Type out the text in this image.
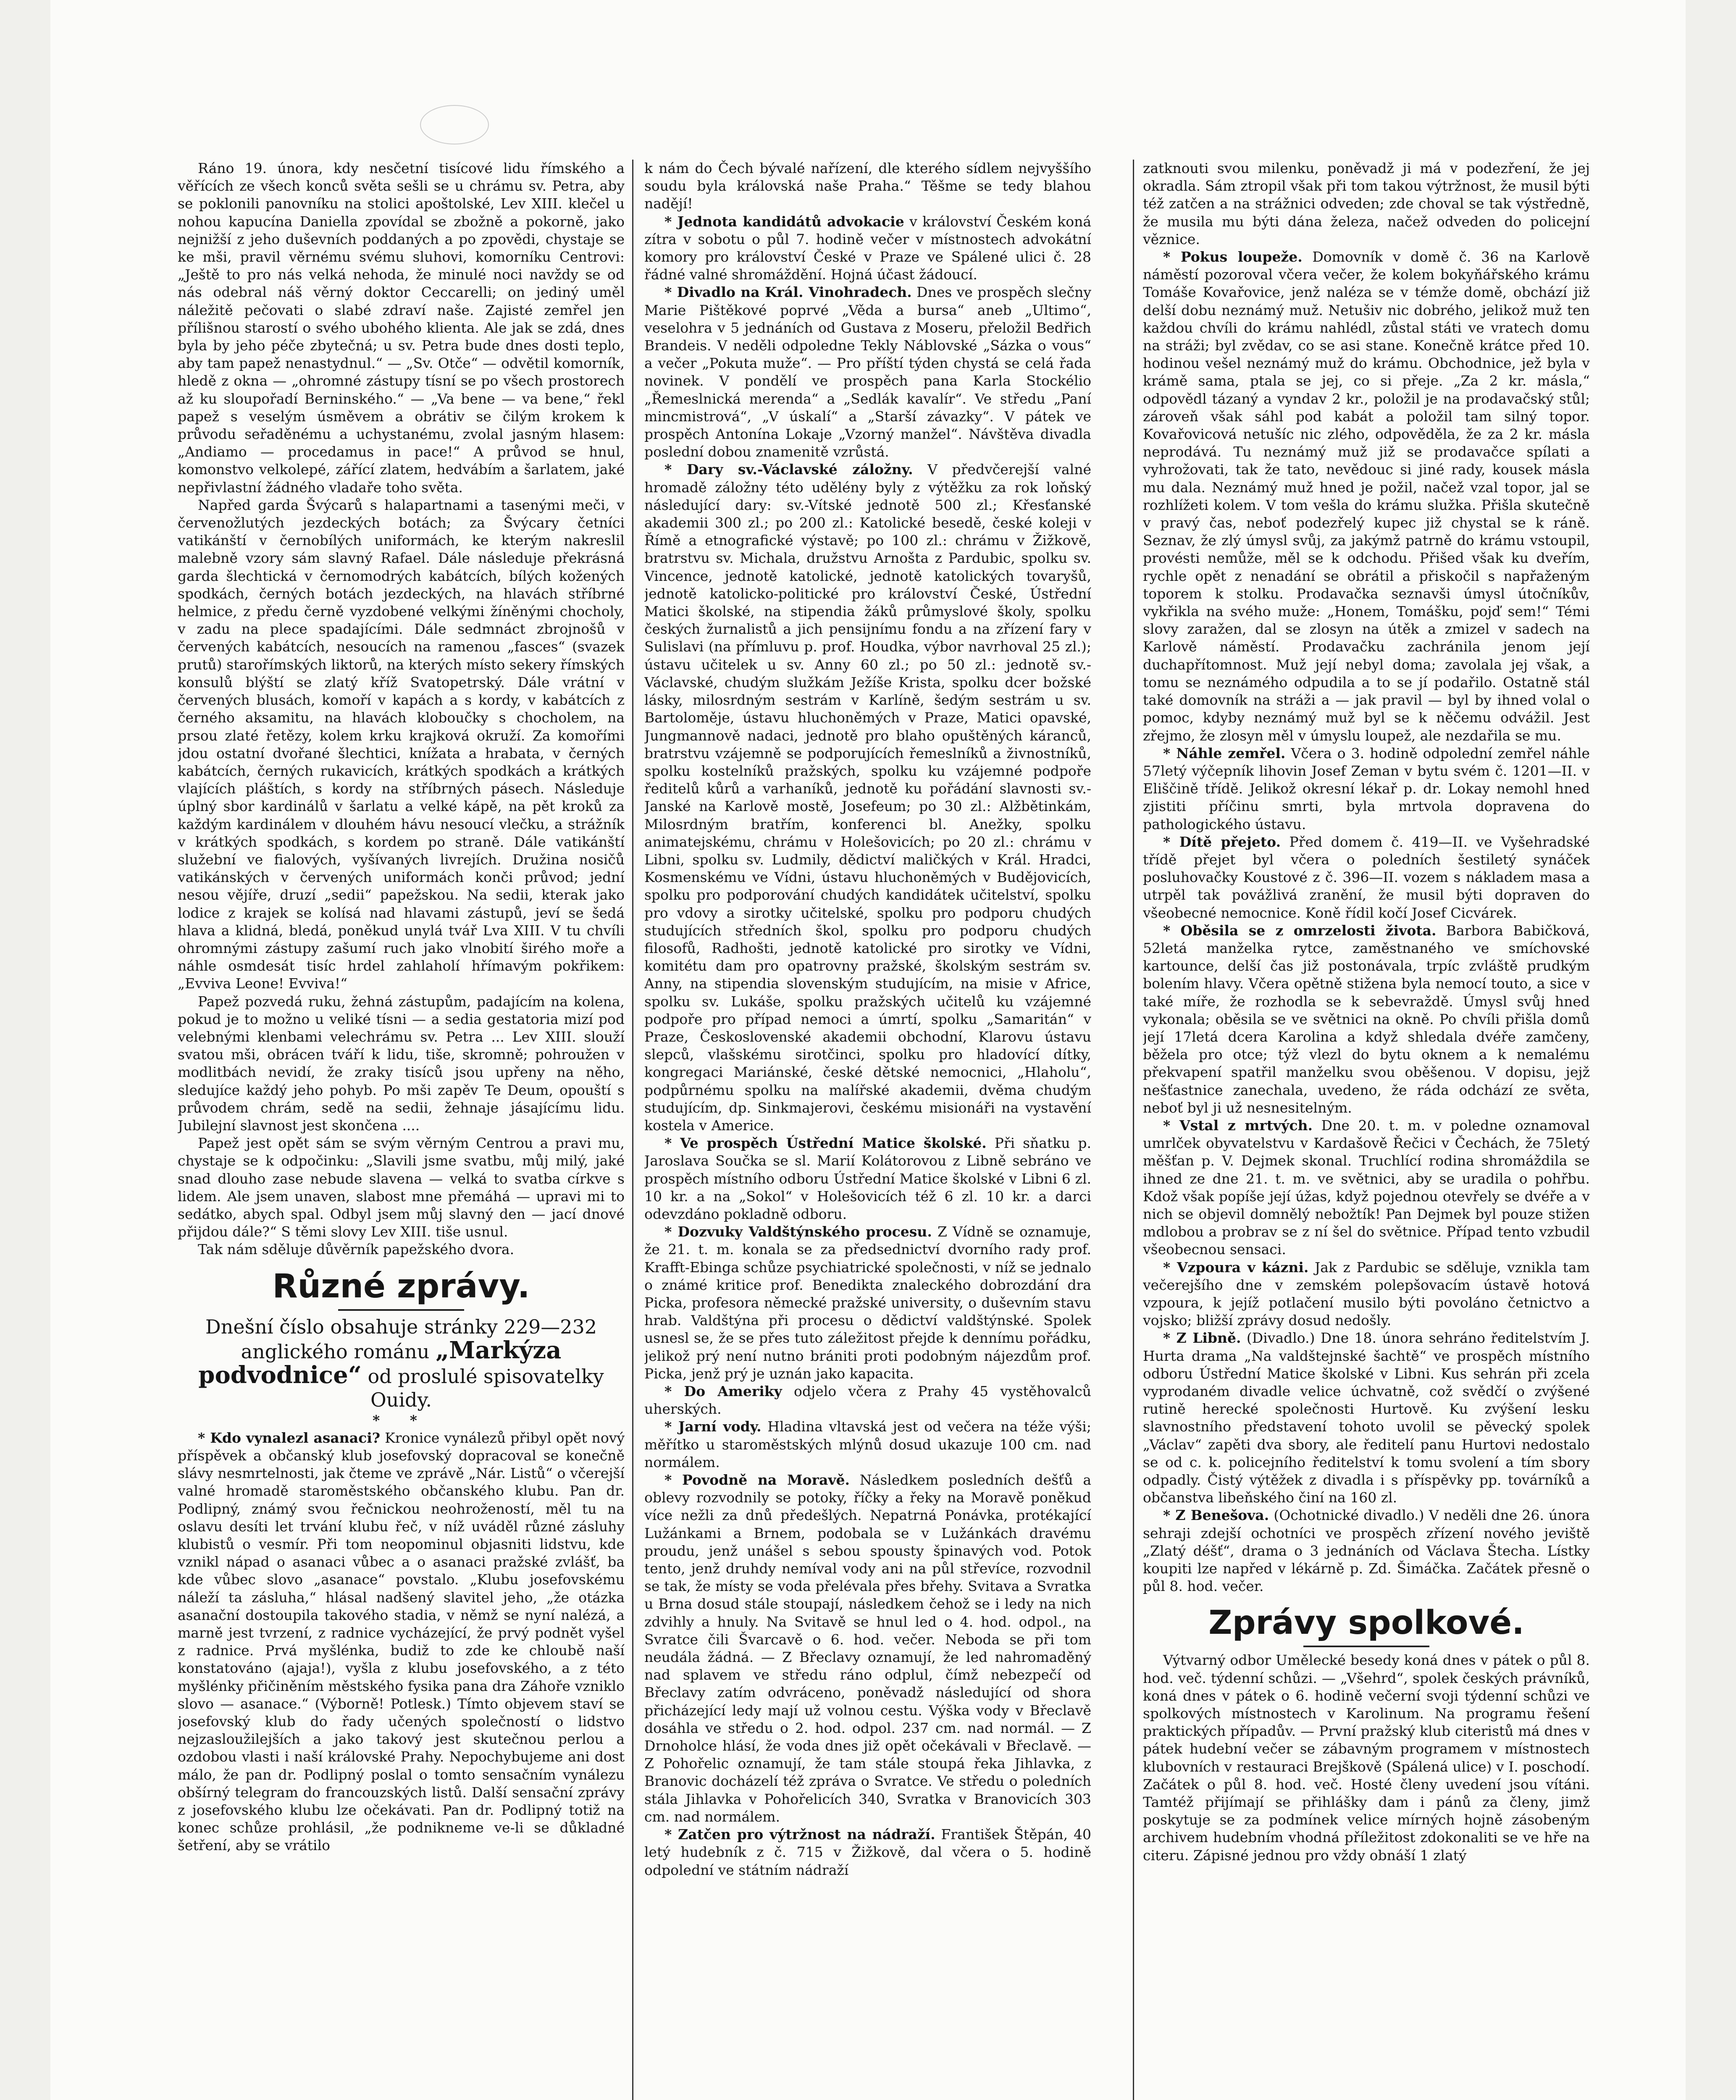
Ráno 19. února, kdy nesčetní tisícové lidu římského a věřících ze všech konců světa sešli se u chrámu sv. Petra, aby se poklonili panovníku na stolici apoštolské, Lev XIII. klečel u nohou kapucína Daniella zpovídal se zbožně a pokorně, jako nejnižší z jeho duševních poddaných a po zpovědi, chystaje se ke mši, pravil věrnému svému sluhovi, komorníku Centrovi: „Ještě to pro nás velká nehoda, že minulé noci navždy se od nás odebral náš věrný doktor Ceccarelli; on jediný uměl náležitě pečovati o slabé zdraví naše. Zajisté zemřel jen přílišnou starostí o svého ubohého klienta. Ale jak se zdá, dnes byla by jeho péče zbytečná; u sv. Petra bude dnes dosti teplo, aby tam papež nenastydnul.“ — „Sv. Otče“ — odvětil komorník, hledě z okna — „ohromné zástupy tísní se po všech prostorech až ku sloupořadí Berninského.“ — „Va bene — va bene,“ řekl papež s veselým úsměvem a obrátiv se čilým krokem k průvodu seřaděnému a uchystanému, zvolal jasným hlasem: „Andiamo — procedamus in pace!“ A průvod se hnul, komonstvo velkolepé, zářící zlatem, hedvábím a šarlatem, jaké nepřivlastní žádného vladaře toho světa.

Napřed garda Švýcarů s halapartnami a tasenými meči, v červenožlutých jezdeckých botách; za Švýcary četníci vatikánští v černobílých uniformách, ke kterým nakreslil malebně vzory sám slavný Rafael. Dále následuje překrásná garda šlechtická v černomodrých kabátcích, bílých kožených spodkách, černých botách jezdeckých, na hlavách stříbrné helmice, z předu černě vyzdobené velkými žíněnými chocholy, v zadu na plece spadajícími. Dále sedmnáct zbrojnošů v červených kabátcích, nesoucích na ramenou „fasces“ (svazek prutů) starořímských liktorů, na kterých místo sekery římských konsulů blýští se zlatý kříž Svatopetrský. Dále vrátní v červených blusách, komoří v kapách a s kordy, v kabátcích z černého aksamitu, na hlavách kloboučky s chocholem, na prsou zlaté řetězy, kolem krku krajková okruží. Za komořími jdou ostatní dvořané šlechtici, knížata a hrabata, v černých kabátcích, černých rukavicích, krátkých spodkách a krátkých vlajících pláštích, s kordy na stříbrných pásech. Následuje úplný sbor kardinálů v šarlatu a velké kápě, na pět kroků za každým kardinálem v dlouhém hávu nesoucí vlečku, a strážník v krátkých spodkách, s kordem po straně. Dále vatikánští služební ve fialových, vyšívaných livrejích. Družina nosičů vatikánských v červených uniformách konči průvod; jední nesou vějíře, druzí „sedii“ papežskou. Na sedii, kterak jako lodice z krajek se kolísá nad hlavami zástupů, jeví se šedá hlava a klidná, bledá, poněkud unylá tvář Lva XIII. V tu chvíli ohromnými zástupy zašumí ruch jako vlnobití širého moře a náhle osmdesát tisíc hrdel zahlaholí hřímavým pokřikem: „Evviva Leone! Evviva!“

Papež pozvedá ruku, žehná zástupům, padajícím na kolena, pokud je to možno u veliké tísni — a sedia gestatoria mizí pod velebnými klenbami velechrámu sv. Petra ... Lev XIII. slouží svatou mši, obrácen tváří k lidu, tiše, skromně; pohroužen v modlitbách nevidí, že zraky tisíců jsou upřeny na něho, sledujíce každý jeho pohyb. Po mši zapěv Te Deum, opouští s průvodem chrám, sedě na sedii, žehnaje jásajícímu lidu. Jubilejní slavnost jest skončena ....

Papež jest opět sám se svým věrným Centrou a pravi mu, chystaje se k odpočinku: „Slavili jsme svatbu, můj milý, jaké snad dlouho zase nebude slavena — velká to svatba církve s lidem. Ale jsem unaven, slabost mne přemáhá — upravi mi to sedátko, abych spal. Odbyl jsem můj slavný den — jací dnové přijdou dále?“ S těmi slovy Lev XIII. tiše usnul.

Tak nám sděluje důvěrník papežského dvora.

Různé zprávy.

Dnešní číslo obsahuje stránky 229—232 anglického románu „Markýza podvodnice“ od proslulé spisovatelky Ouidy.

* *

* Kdo vynalezl asanaci? Kronice vynálezů přibyl opět nový příspěvek a občanský klub josefovský dopracoval se konečně slávy nesmrtelnosti, jak čteme ve zprávě „Nár. Listů“ o včerejší valné hromadě staroměstského občanského klubu. Pan dr. Podlipný, známý svou řečnickou neohrožeností, měl tu na oslavu desíti let trvání klubu řeč, v níž uváděl různé zásluhy klubistů o vesmír. Při tom neopominul objasniti lidstvu, kde vznikl nápad o asanaci vůbec a o asanaci pražské zvlášť, ba kde vůbec slovo „asanace“ povstalo. „Klubu josefovskému náleží ta zásluha,“ hlásal nadšený slavitel jeho, „že otázka asanační dostoupila takového stadia, v němž se nyní nalézá, a marně jest tvrzení, z radnice vycházející, že prvý podnět vyšel z radnice. Prvá myšlénka, budiž to zde ke chloubě naší konstatováno (ajaja!), vyšla z klubu josefovského, a z této myšlénky přičiněním městského fysika pana dra Záhoře vzniklo slovo — asanace.“ (Výborně! Potlesk.) Tímto objevem staví se josefovský klub do řady učených společností o lidstvo nejzasloužilejších a jako takový jest skutečnou perlou a ozdobou vlasti i naší královské Prahy. Nepochybujeme ani dost málo, že pan dr. Podlipný poslal o tomto sensačním vynálezu obšírný telegram do francouzských listů. Další sensační zprávy z josefovského klubu lze očekávati. Pan dr. Podlipný totiž na konec schůze prohlásil, „že podnikneme ve-li se důkladné šetření, aby se vrátilo

k nám do Čech bývalé nařízení, dle kterého sídlem nejvyššího soudu byla královská naše Praha.“ Těšme se tedy blahou nadějí!

* Jednota kandidátů advokacie v království Českém koná zítra v sobotu o půl 7. hodině večer v místnostech advokátní komory pro království České v Praze ve Spálené ulici č. 28 řádné valné shromáždění. Hojná účast žádoucí.

* Divadlo na Král. Vinohradech. Dnes ve prospěch slečny Marie Pištěkové poprvé „Věda a bursa“ aneb „Ultimo“, veselohra v 5 jednáních od Gustava z Moseru, přeložil Bedřich Brandeis. V neděli odpoledne Tekly Náblovské „Sázka o vous“ a večer „Pokuta muže“. — Pro příští týden chystá se celá řada novinek. V pondělí ve prospěch pana Karla Stockélio „Řemeslnická merenda“ a „Sedlák kavalír“. Ve středu „Paní mincmistrová“, „V úskalí“ a „Starší závazky“. V pátek ve prospěch Antonína Lokaje „Vzorný manžel“. Návštěva divadla poslední dobou znamenitě vzrůstá.

* Dary sv.-Václavské záložny. V předvčerejší valné hromadě záložny této udělény byly z výtěžku za rok loňský následující dary: sv.-Vítské jednotě 500 zl.; Křesťanské akademii 300 zl.; po 200 zl.: Katolické besedě, české koleji v Římě a etnografické výstavě; po 100 zl.: chrámu v Žižkově, bratrstvu sv. Michala, družstvu Arnošta z Pardubic, spolku sv. Vincence, jednotě katolické, jednotě katolických tovaryšů, jednotě katolicko-politické pro království České, Ústřední Matici školské, na stipendia žáků průmyslové školy, spolku českých žurnalistů a jich pensijnímu fondu a na zřízení fary v Sulislavi (na přímluvu p. prof. Houdka, výbor navrhoval 25 zl.); ústavu učitelek u sv. Anny 60 zl.; po 50 zl.: jednotě sv.-Václavské, chudým služkám Ježíše Krista, spolku dcer božské lásky, milosrdným sestrám v Karlíně, šedým sestrám u sv. Bartoloměje, ústavu hluchoněmých v Praze, Matici opavské, Jungmannově nadaci, jednotě pro blaho opuštěných káranců, bratrstvu vzájemně se podporujících řemeslníků a živnostníků, spolku kostelníků pražských, spolku ku vzájemné podpoře ředitelů kůrů a varhaníků, jednotě ku pořádání slavnosti sv.-Janské na Karlově mostě, Josefeum; po 30 zl.: Alžbětinkám, Milosrdným bratřím, konferenci bl. Anežky, spolku animatejskému, chrámu v Holešovicích; po 20 zl.: chrámu v Libni, spolku sv. Ludmily, dědictví maličkých v Král. Hradci, Kosmenskému ve Vídni, ústavu hluchoněmých v Budějovicích, spolku pro podporování chudých kandidátek učitelství, spolku pro vdovy a sirotky učitelské, spolku pro podporu chudých studujících středních škol, spolku pro podporu chudých filosofů, Radhošti, jednotě katolické pro sirotky ve Vídni, komitétu dam pro opatrovny pražské, školským sestrám sv. Anny, na stipendia slovenským studujícím, na misie v Africe, spolku sv. Lukáše, spolku pražských učitelů ku vzájemné podpoře pro případ nemoci a úmrtí, spolku „Samaritán“ v Praze, Československé akademii obchodní, Klarovu ústavu slepců, vlašskému sirotčinci, spolku pro hladovící dítky, kongregaci Mariánské, české dětské nemocnici, „Hlaholu“, podpůrnému spolku na malířské akademii, dvěma chudým studujícím, dp. Sinkmajerovi, českému misionáři na vystavění kostela v Americe.

* Ve prospěch Ústřední Matice školské. Při sňatku p. Jaroslava Součka se sl. Marií Kolátorovou z Libně sebráno ve prospěch místního odboru Ústřední Matice školské v Libni 6 zl. 10 kr. a na „Sokol“ v Holešovicích též 6 zl. 10 kr. a darci odevzdáno pokladně odboru.

* Dozvuky Valdštýnského procesu. Z Vídně se oznamuje, že 21. t. m. konala se za předsednictví dvorního rady prof. Krafft-Ebinga schůze psychiatrické společnosti, v níž se jednalo o známé kritice prof. Benedikta znaleckého dobrozdání dra Picka, profesora německé pražské university, o duševním stavu hrab. Valdštýna při procesu o dědictví valdštýnské. Spolek usnesl se, že se přes tuto záležitost přejde k dennímu pořádku, jelikož prý není nutno brániti proti podobným nájezdům prof. Picka, jenž prý je uznán jako kapacita.

* Do Ameriky odjelo včera z Prahy 45 vystěhovalců uherských.

* Jarní vody. Hladina vltavská jest od večera na téže výši; měřítko u staroměstských mlýnů dosud ukazuje 100 cm. nad normálem.

* Povodně na Moravě. Následkem posledních dešťů a oblevy rozvodnily se potoky, říčky a řeky na Moravě poněkud více nežli za dnů předešlých. Nepatrná Ponávka, protékající Lužánkami a Brnem, podobala se v Lužánkách dravému proudu, jenž unášel s sebou spousty špinavých vod. Potok tento, jenž druhdy nemíval vody ani na půl střevíce, rozvodnil se tak, že místy se voda přelévala přes břehy. Svitava a Svratka u Brna dosud stále stoupají, následkem čehož se i ledy na nich zdvihly a hnuly. Na Svitavě se hnul led o 4. hod. odpol., na Svratce čili Švarcavě o 6. hod. večer. Neboda se při tom neudála žádná. — Z Břeclavy oznamují, že led nahromaděný nad splavem ve středu ráno odplul, čímž nebezpečí od Břeclavy zatím odvráceno, poněvadž následující od shora přicházející ledy mají už volnou cestu. Výška vody v Břeclavě dosáhla ve středu o 2. hod. odpol. 237 cm. nad normál. — Z Drnoholce hlásí, že voda dnes již opět očekávali v Břeclavě. — Z Pohořelic oznamují, že tam stále stoupá řeka Jihlavka, z Branovic docházelí též zpráva o Svratce. Ve středu o poledních stála Jihlavka v Pohořelicích 340, Svratka v Branovicích 303 cm. nad normálem.

* Zatčen pro výtržnost na nádraží. František Štěpán, 40 letý hudebník z č. 715 v Žižkově, dal včera o 5. hodině odpolední ve státním nádraží

zatknouti svou milenku, poněvadž ji má v podezření, že jej okradla. Sám ztropil však při tom takou výtržnost, že musil býti též zatčen a na strážnici odveden; zde choval se tak výstředně, že musila mu býti dána železa, načež odveden do policejní věznice.

* Pokus loupeže. Domovník v domě č. 36 na Karlově náměstí pozoroval včera večer, že kolem bokyňářského krámu Tomáše Kovařovice, jenž naléza se v témže domě, obchází již delší dobu neznámý muž. Netušiv nic dobrého, jelikož muž ten každou chvíli do krámu nahlédl, zůstal státi ve vratech domu na stráži; byl zvědav, co se asi stane. Konečně krátce před 10. hodinou vešel neznámý muž do krámu. Obchodnice, jež byla v krámě sama, ptala se jej, co si přeje. „Za 2 kr. másla,“ odpovědl tázaný a vyndav 2 kr., položil je na prodavačský stůl; zároveň však sáhl pod kabát a položil tam silný topor. Kovařovicová netušíc nic zlého, odpověděla, že za 2 kr. másla neprodává. Tu neznámý muž již se prodavačce spílati a vyhrožovati, tak že tato, nevědouc si jiné rady, kousek másla mu dala. Neznámý muž hned je požil, načež vzal topor, jal se rozhlížeti kolem. V tom vešla do krámu služka. Přišla skutečně v pravý čas, neboť podezřelý kupec již chystal se k ráně. Seznav, že zlý úmysl svůj, za jakýmž patrně do krámu vstoupil, provésti nemůže, měl se k odchodu. Přišed však ku dveřím, rychle opět z nenadání se obrátil a přiskočil s napřaženým toporem k stolku. Prodavačka seznavši úmysl útočníkův, vykřikla na svého muže: „Honem, Tomášku, pojď sem!“ Témi slovy zaražen, dal se zlosyn na útěk a zmizel v sadech na Karlově náměstí. Prodavačku zachránila jenom její duchapřítomnost. Muž její nebyl doma; zavolala jej však, a tomu se neznámého odpudila a to se jí podařilo. Ostatně stál také domovník na stráži a — jak pravil — byl by ihned volal o pomoc, kdyby neznámý muž byl se k něčemu odvážil. Jest zřejmo, že zlosyn měl v úmyslu loupež, ale nezdařila se mu.

* Náhle zemřel. Včera o 3. hodině odpolední zemřel náhle 57letý výčepník lihovin Josef Zeman v bytu svém č. 1201—II. v Eliščině třídě. Jelikož okresní lékař p. dr. Lokay nemohl hned zjistiti příčinu smrti, byla mrtvola dopravena do pathologického ústavu.

* Dítě přejeto. Před domem č. 419—II. ve Vyšehradské třídě přejet byl včera o poledních šestiletý synáček posluhovačky Koustové z č. 396—II. vozem s nákladem masa a utrpěl tak povážlivá zranění, že musil býti dopraven do všeobecné nemocnice. Koně řídil kočí Josef Cicvárek.

* Oběsila se z omrzelosti života. Barbora Babičková, 52letá manželka rytce, zaměstnaného ve smíchovské kartounce, delší čas již postonávala, trpíc zvláště prudkým bolením hlavy. Včera opětně stižena byla nemocí touto, a sice v také míře, že rozhodla se k sebevraždě. Úmysl svůj hned vykonala; oběsila se ve světnici na okně. Po chvíli přišla domů její 17letá dcera Karolina a když shledala dvéře zamčeny, běžela pro otce; týž vlezl do bytu oknem a k nemalému překvapení spatřil manželku svou oběšenou. V dopisu, jejž nešťastnice zanechala, uvedeno, že ráda odchází ze světa, neboť byl ji už nesnesitelným.

* Vstal z mrtvých. Dne 20. t. m. v poledne oznamoval umrlček obyvatelstvu v Kardašově Řečici v Čechách, že 75letý měšťan p. V. Dejmek skonal. Truchlící rodina shromáždila se ihned ze dne 21. t. m. ve světnici, aby se uradila o pohřbu. Kdož však popíše její úžas, když pojednou otevřely se dvéře a v nich se objevil domnělý nebožtík! Pan Dejmek byl pouze stižen mdlobou a probrav se z ní šel do světnice. Případ tento vzbudil všeobecnou sensaci.

* Vzpoura v kázni. Jak z Pardubic se sděluje, vznikla tam večerejšího dne v zemském polepšovacím ústavě hotová vzpoura, k jejíž potlačení musilo býti povoláno četnictvo a vojsko; bližší zprávy dosud nedošly.

* Z Libně. (Divadlo.) Dne 18. února sehráno ředitelstvím J. Hurta drama „Na valdštejnské šachtě“ ve prospěch místního odboru Ústřední Matice školské v Libni. Kus sehrán při zcela vyprodaném divadle velice úchvatně, což svědčí o zvýšené rutině herecké společnosti Hurtově. Ku zvýšení lesku slavnostního představení tohoto uvolil se pěvecký spolek „Václav“ zapěti dva sbory, ale ředitelí panu Hurtovi nedostalo se od c. k. policejního ředitelství k tomu svolení a tím sbory odpadly. Čistý výtěžek z divadla i s příspěvky pp. továrníků a občanstva libeňského činí na 160 zl.

* Z Benešova. (Ochotnické divadlo.) V neděli dne 26. února sehraji zdejší ochotníci ve prospěch zřízení nového jeviště „Zlatý déšť“, drama o 3 jednáních od Václava Štecha. Lístky koupiti lze napřed v lékárně p. Zd. Šimáčka. Začátek přesně o půl 8. hod. večer.

Zprávy spolkové.

Výtvarný odbor Umělecké besedy koná dnes v pátek o půl 8. hod. več. týdenní schůzi. — „Všehrd“, spolek českých právníků, koná dnes v pátek o 6. hodině večerní svoji týdenní schůzi ve spolkových místnostech v Karolinum. Na programu řešení praktických případův. — První pražský klub citeristů má dnes v pátek hudební večer se zábavným programem v místnostech klubovních v restauraci Brejškově (Spálená ulice) v I. poschodí. Začátek o půl 8. hod. več. Hosté členy uvedení jsou vítáni. Tamtéž přijímají se přihlášky dam i pánů za členy, jimž poskytuje se za podmínek velice mírných hojně zásobeným archivem hudebním vhodná příležitost zdokonaliti se ve hře na citeru. Zápisné jednou pro vždy obnáší 1 zlatý
